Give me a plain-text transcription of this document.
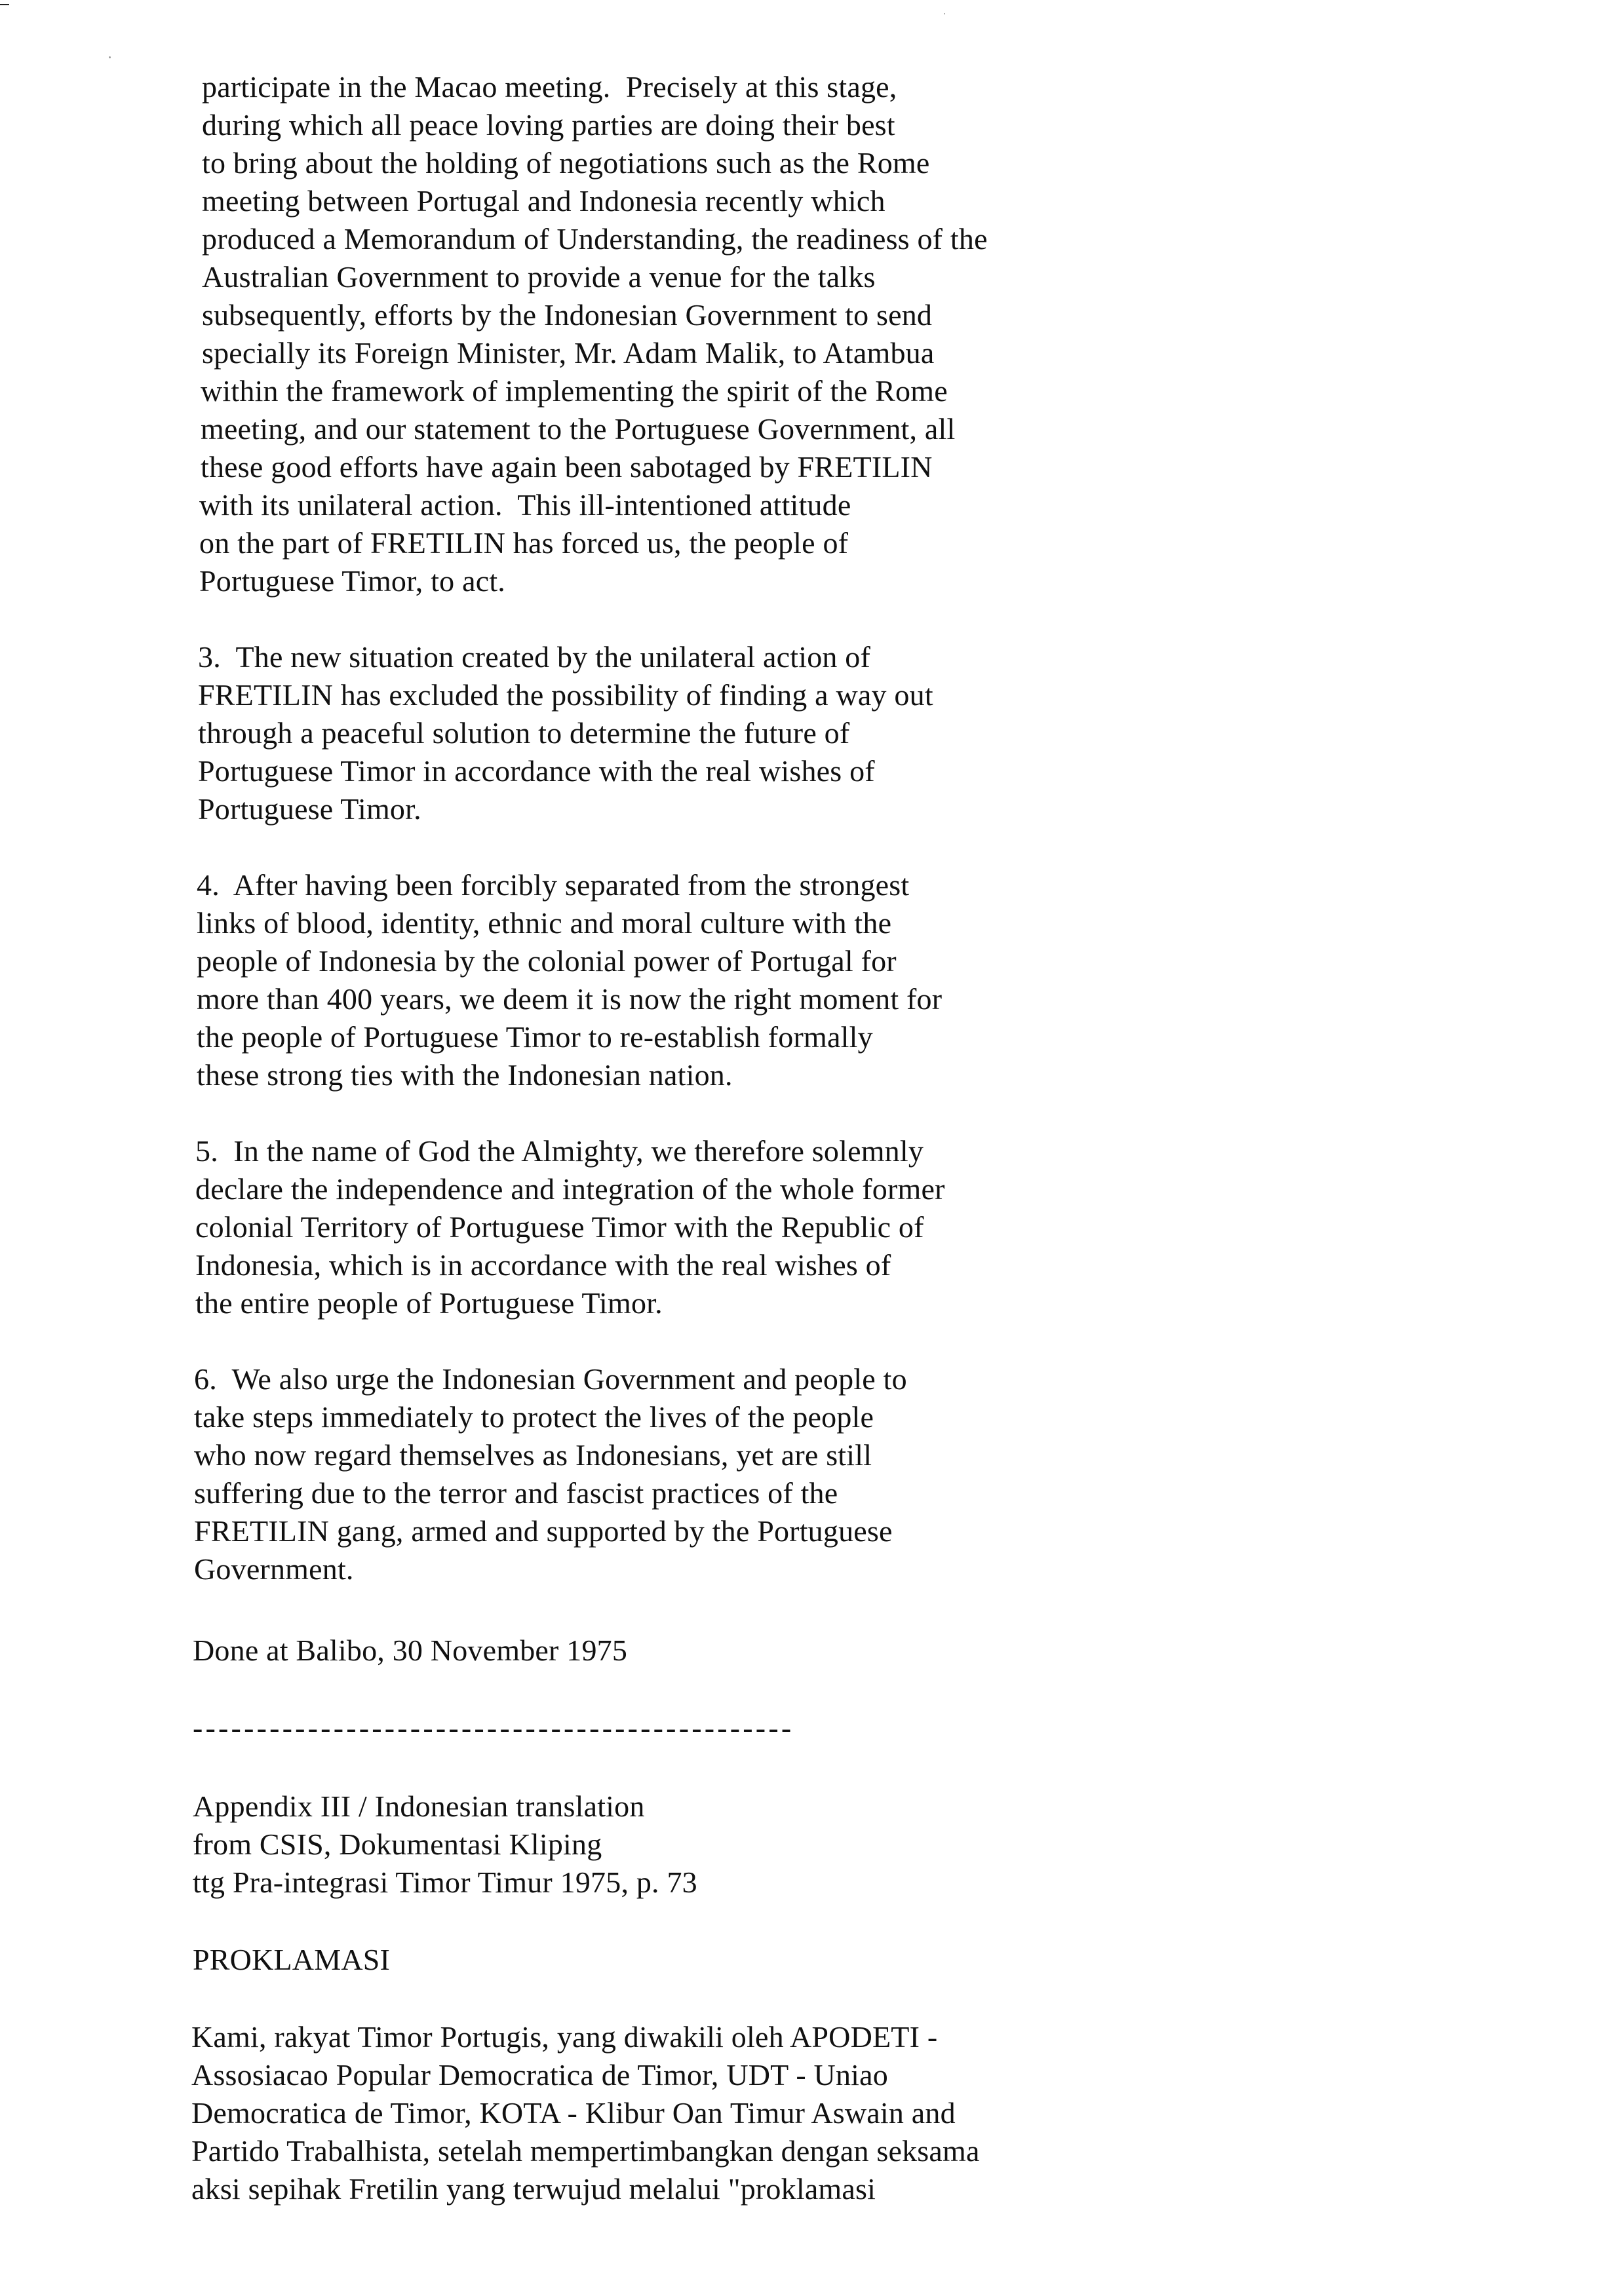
participate in the Macao meeting.  Precisely at this stage,
during which all peace loving parties are doing their best
to bring about the holding of negotiations such as the Rome
meeting between Portugal and Indonesia recently which
produced a Memorandum of Understanding, the readiness of the
Australian Government to provide a venue for the talks
subsequently, efforts by the Indonesian Government to send
specially its Foreign Minister, Mr. Adam Malik, to Atambua
within the framework of implementing the spirit of the Rome
meeting, and our statement to the Portuguese Government, all
these good efforts have again been sabotaged by FRETILIN
with its unilateral action.  This ill-intentioned attitude
on the part of FRETILIN has forced us, the people of
Portuguese Timor, to act.
3.  The new situation created by the unilateral action of
FRETILIN has excluded the possibility of finding a way out
through a peaceful solution to determine the future of
Portuguese Timor in accordance with the real wishes of
Portuguese Timor.
4.  After having been forcibly separated from the strongest
links of blood, identity, ethnic and moral culture with the
people of Indonesia by the colonial power of Portugal for
more than 400 years, we deem it is now the right moment for
the people of Portuguese Timor to re-establish formally
these strong ties with the Indonesian nation.
5.  In the name of God the Almighty, we therefore solemnly
declare the independence and integration of the whole former
colonial Territory of Portuguese Timor with the Republic of
Indonesia, which is in accordance with the real wishes of
the entire people of Portuguese Timor.
6.  We also urge the Indonesian Government and people to
take steps immediately to protect the lives of the people
who now regard themselves as Indonesians, yet are still
suffering due to the terror and fascist practices of the
FRETILIN gang, armed and supported by the Portuguese
Government.
Done at Balibo, 30 November 1975
-----------------------------------------------
Appendix III / Indonesian translation
from CSIS, Dokumentasi Kliping
ttg Pra-integrasi Timor Timur 1975, p. 73
PROKLAMASI
Kami, rakyat Timor Portugis, yang diwakili oleh APODETI -
Assosiacao Popular Democratica de Timor, UDT - Uniao
Democratica de Timor, KOTA - Klibur Oan Timur Aswain and
Partido Trabalhista, setelah mempertimbangkan dengan seksama
aksi sepihak Fretilin yang terwujud melalui "proklamasi
